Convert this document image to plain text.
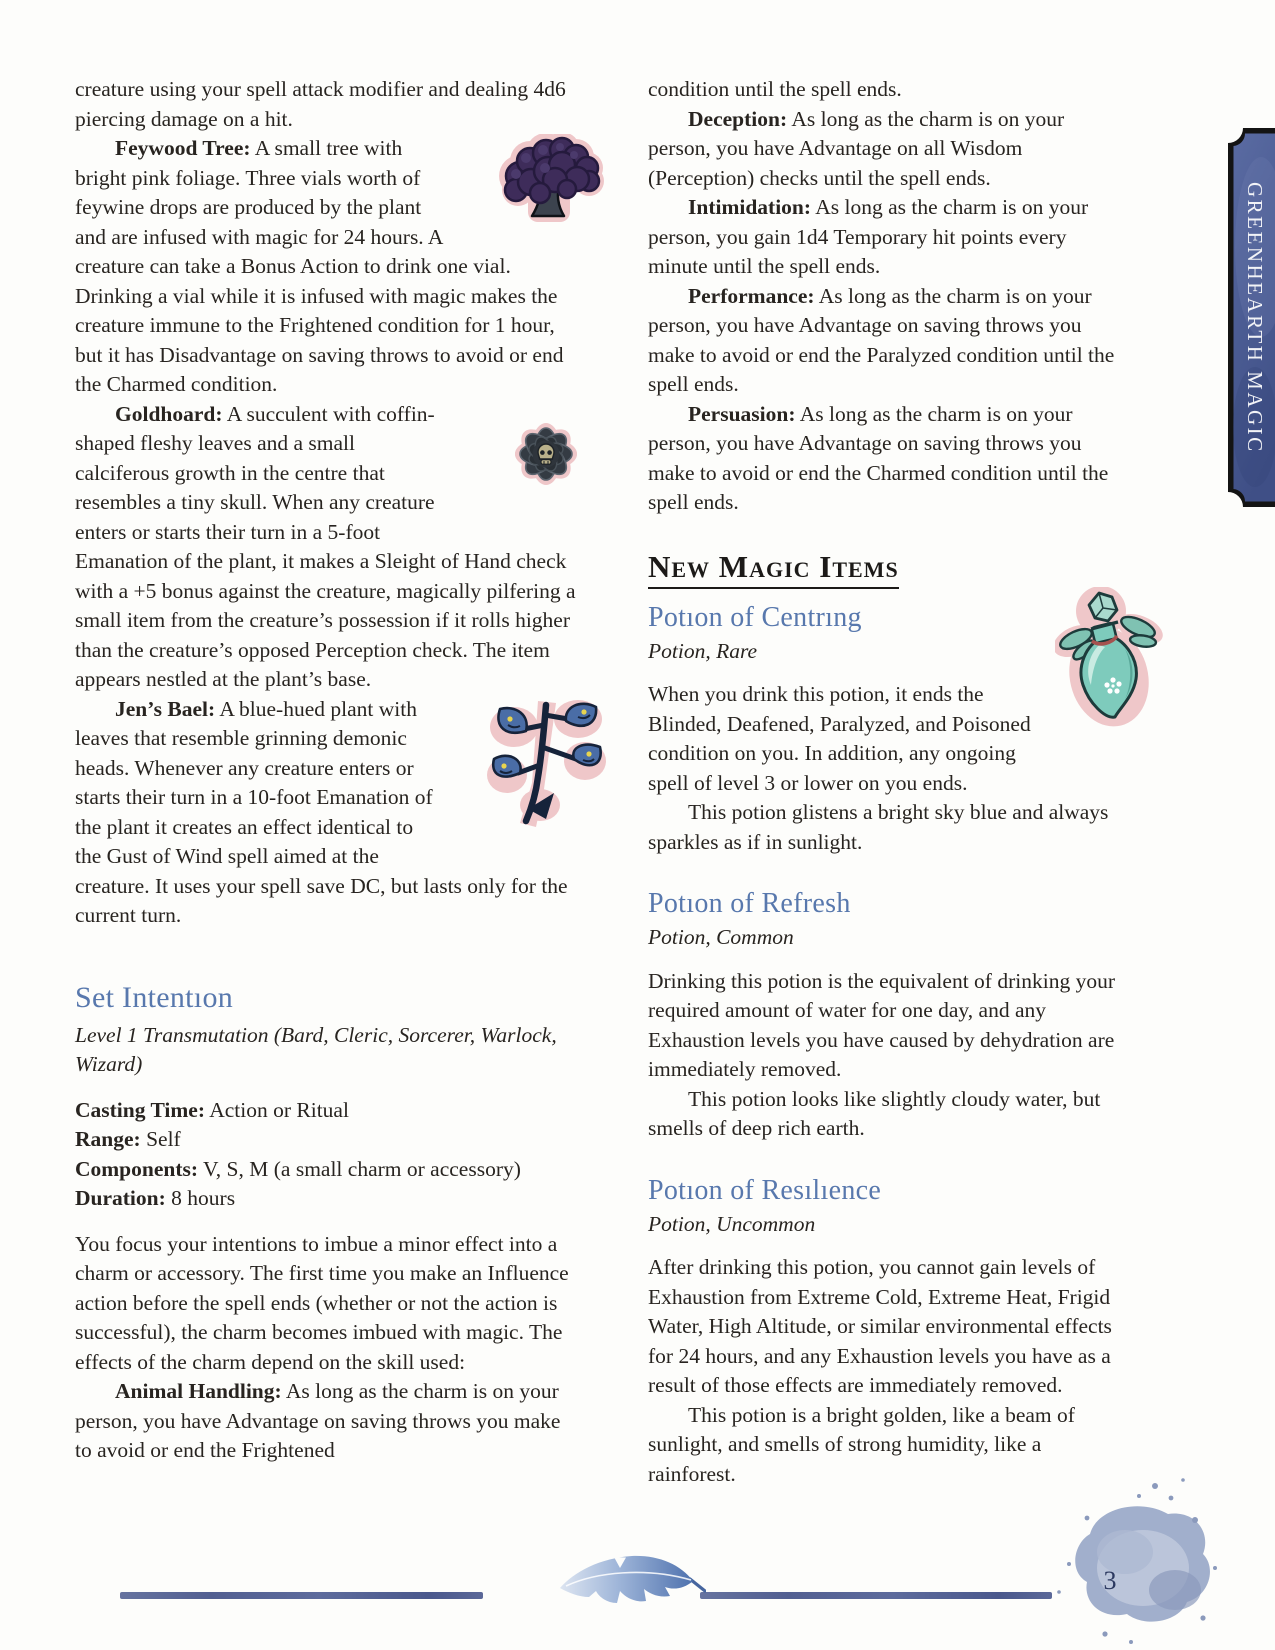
creature using your spell attack modifier and dealing 4d6 piercing damage on a hit.

Feywood Tree: A small tree with bright pink foliage. Three vials worth of feywine drops are produced by the plant and are infused with magic for 24 hours. A creature can take a Bonus Action to drink one vial. Drinking a vial while it is infused with magic makes the creature immune to the Frightened condition for 1 hour, but it has Disadvantage on saving throws to avoid or end the Charmed condition.

Goldhoard: A succulent with coffin-shaped fleshy leaves and a small calciferous growth in the centre that resembles a tiny skull. When any creature enters or starts their turn in a 5-foot Emanation of the plant, it makes a Sleight of Hand check with a +5 bonus against the creature, magically pilfering a small item from the creature’s possession if it rolls higher than the creature’s opposed Perception check. The item appears nestled at the plant’s base.

Jen’s Bael: A blue-hued plant with leaves that resemble grinning demonic heads. Whenever any creature enters or starts their turn in a 10-foot Emanation of the plant it creates an effect identical to the Gust of Wind spell aimed at the creature. It uses your spell save DC, but lasts only for the current turn.

Set Intentıon

Level 1 Transmutation (Bard, Cleric, Sorcerer, Warlock, Wizard)

Casting Time: Action or Ritual

Range: Self

Components: V, S, M (a small charm or accessory)

Duration: 8 hours

You focus your intentions to imbue a minor effect into a charm or accessory. The first time you make an Influence action before the spell ends (whether or not the action is successful), the charm becomes imbued with magic. The effects of the charm depend on the skill used:

Animal Handling: As long as the charm is on your person, you have Advantage on saving throws you make to avoid or end the Frightened

condition until the spell ends.

Deception: As long as the charm is on your person, you have Advantage on all Wisdom (Perception) checks until the spell ends.

Intimidation: As long as the charm is on your person, you gain 1d4 Temporary hit points every minute until the spell ends.

Performance: As long as the charm is on your person, you have Advantage on saving throws you make to avoid or end the Paralyzed condition until the spell ends.

Persuasion: As long as the charm is on your person, you have Advantage on saving throws you make to avoid or end the Charmed condition until the spell ends.

New Magic Items
Potıon of Centrıng

Potion, Rare

When you drink this potion, it ends the Blinded, Deafened, Paralyzed, and Poisoned condition on you. In addition, any ongoing spell of level 3 or lower on you ends.

This potion glistens a bright sky blue and always sparkles as if in sunlight.

Potıon of Refresh

Potion, Common

Drinking this potion is the equivalent of drinking your required amount of water for one day, and any Exhaustion levels you have caused by dehydration are immediately removed.

This potion looks like slightly cloudy water, but smells of deep rich earth.

Potıon of Resılıence

Potion, Uncommon

After drinking this potion, you cannot gain levels of Exhaustion from Extreme Cold, Extreme Heat, Frigid Water, High Altitude, or similar environmental effects for 24 hours, and any Exhaustion levels you have as a result of those effects are immediately removed.

This potion is a bright golden, like a beam of sunlight, and smells of strong humidity, like a rainforest.

GREENHEARTH MAGIC
3
